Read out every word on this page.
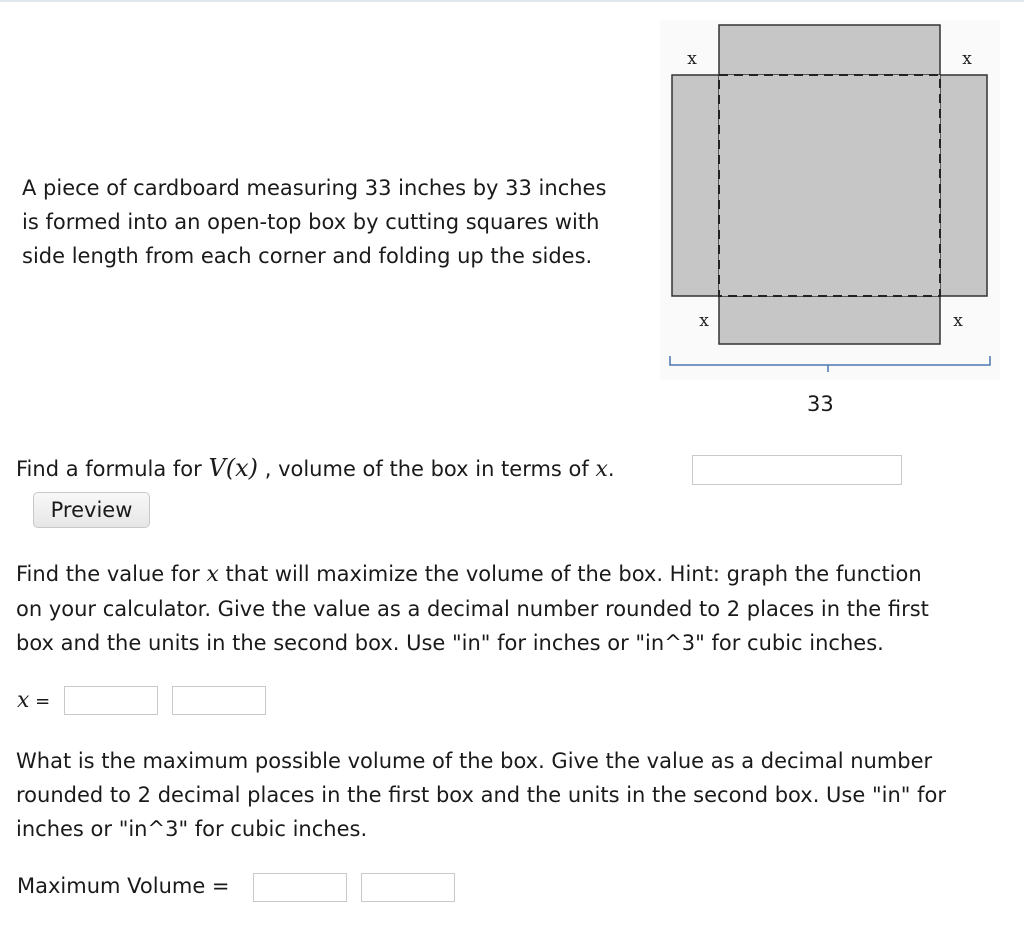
A piece of cardboard measuring 33 inches by 33 inches
is formed into an open-top box by cutting squares with
side length from each corner and folding up the sides.
x	x
x	x
33
Find a formula for V(x) , volume of the box in terms of x.
Preview
Find the value for x that will maximize the volume of the box. Hint: graph the function
on your calculator. Give the value as a decimal number rounded to 2 places in the first
box and the units in the second box. Use "in" for inches or "in^3" for cubic inches.
x =
What is the maximum possible volume of the box. Give the value as a decimal number
rounded to 2 decimal places in the first box and the units in the second box. Use "in" for
inches or "in^3" for cubic inches.
Maximum Volume =
